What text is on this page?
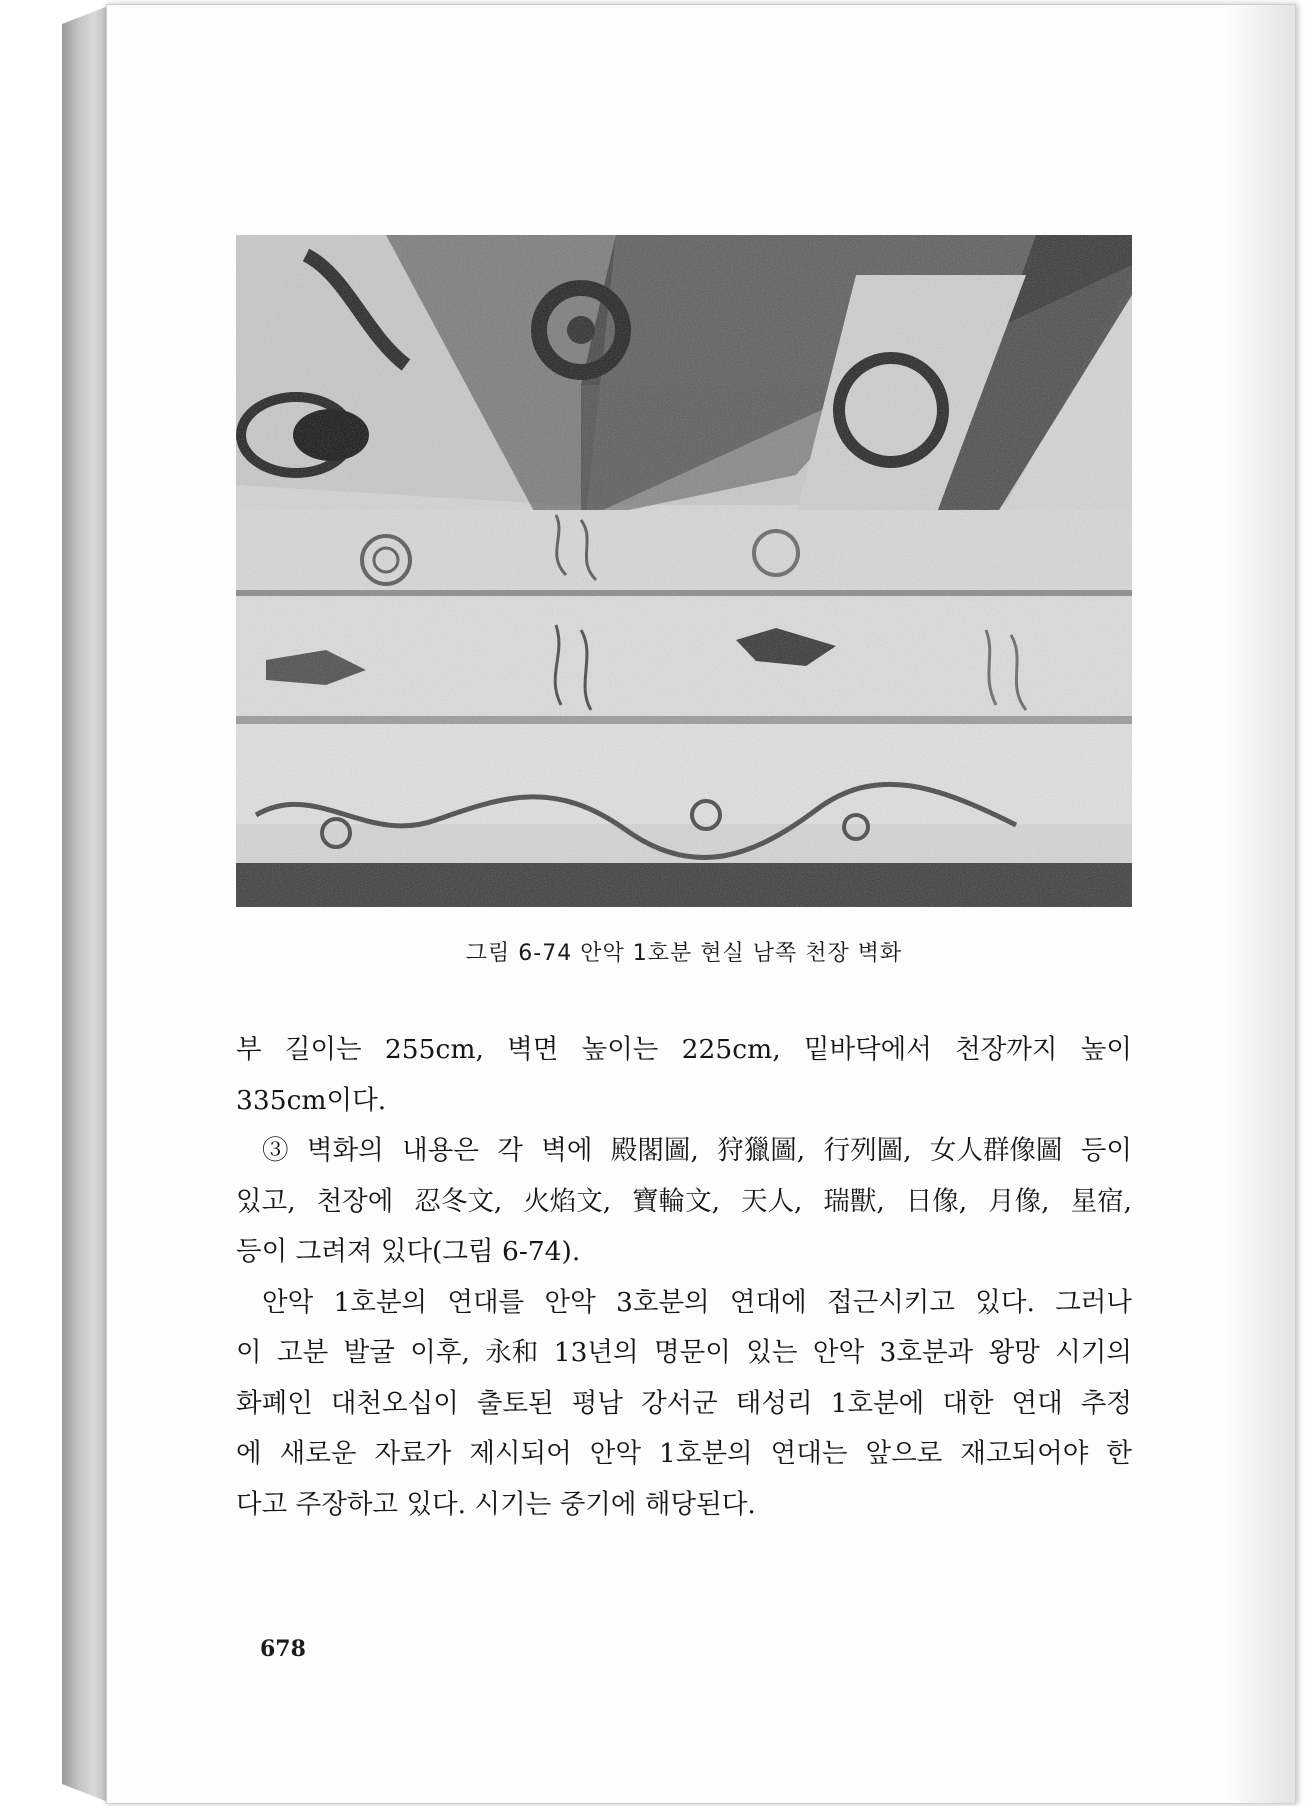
그림 6-74 안악 1호분 현실 남쪽 천장 벽화
부 길이는 255cm, 벽면 높이는 225cm, 밑바닥에서 천장까지 높이
335cm이다.
③ 벽화의 내용은 각 벽에 殿閣圖, 狩獵圖, 行列圖, 女人群像圖 등이
있고, 천장에 忍冬文, 火焰文, 寶輪文, 天人, 瑞獸, 日像, 月像, 星宿,
등이 그려져 있다(그림 6-74).
안악 1호분의 연대를 안악 3호분의 연대에 접근시키고 있다. 그러나
이 고분 발굴 이후, 永和 13년의 명문이 있는 안악 3호분과 왕망 시기의
화폐인 대천오십이 출토된 평남 강서군 태성리 1호분에 대한 연대 추정
에 새로운 자료가 제시되어 안악 1호분의 연대는 앞으로 재고되어야 한
다고 주장하고 있다. 시기는 중기에 해당된다.
678
